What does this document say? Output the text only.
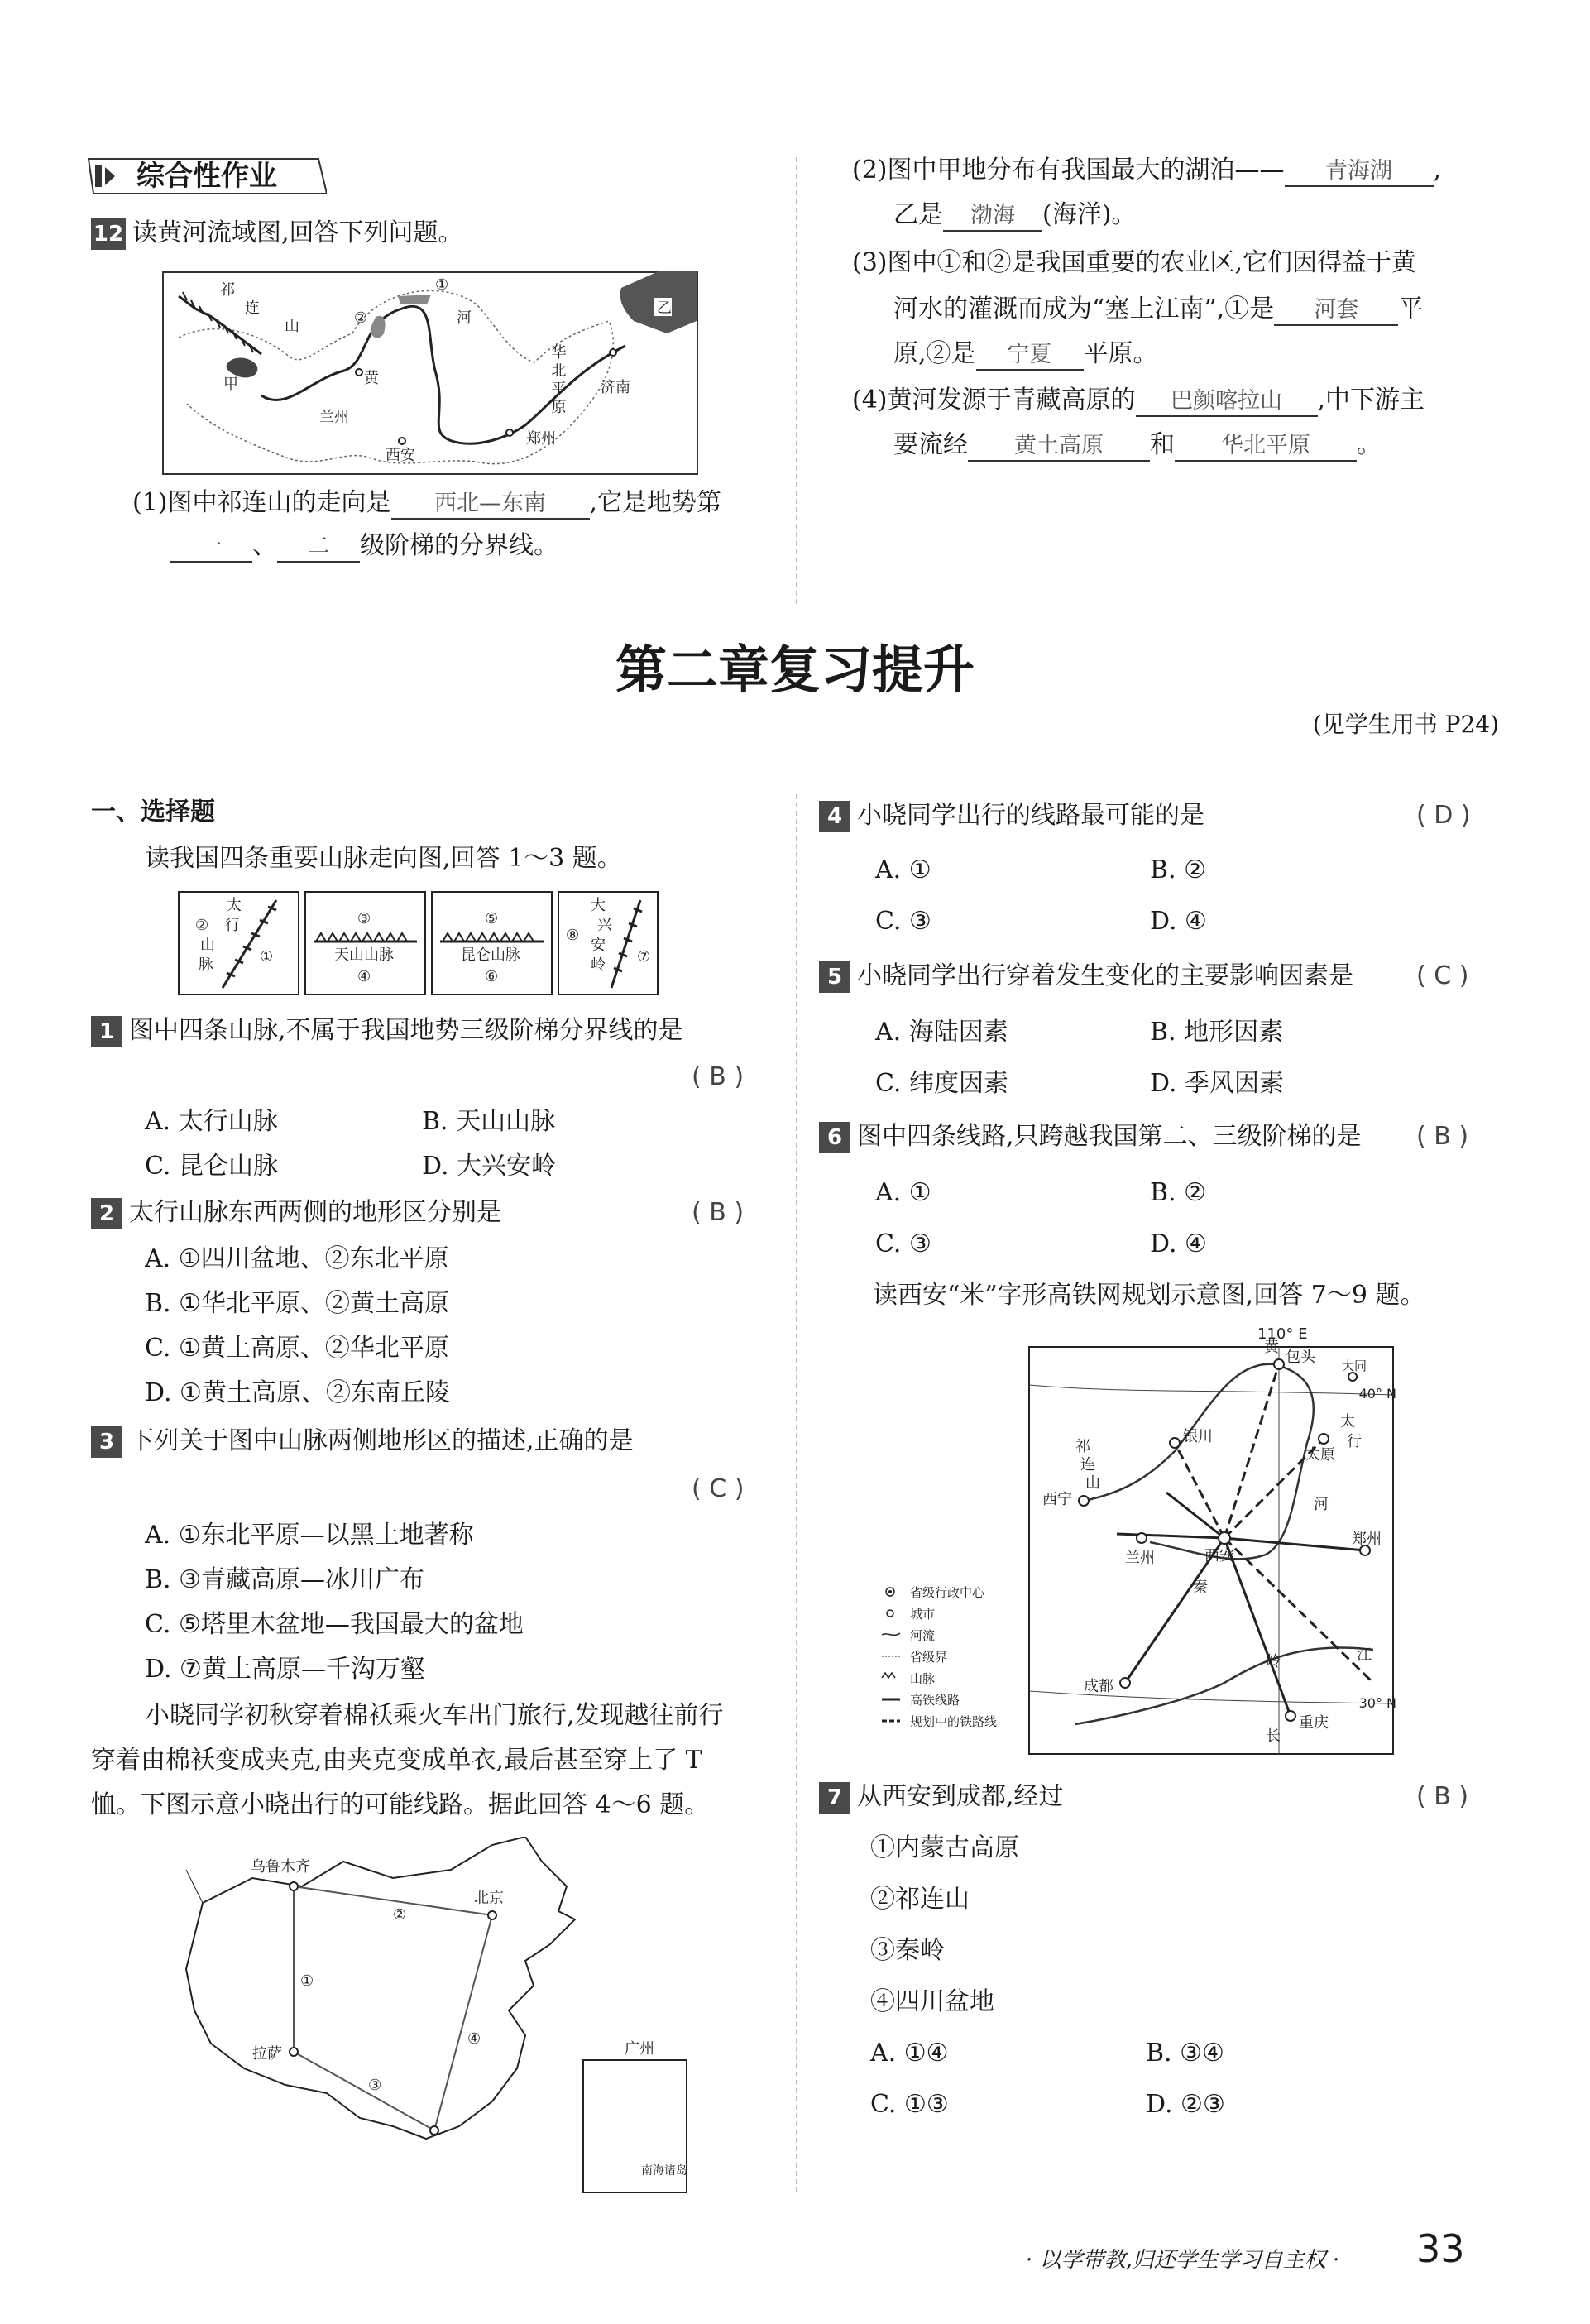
综合性作业
12 读黄河流域图,回答下列问题。
祁
连
山
甲
乙
②
①
河
黄
兰州
西安
郑州
济南
华北平原
(1)图中祁连山的走向是 西北—东南 ,它是地势第
一 、 二 级阶梯的分界线。
(2)图中甲地分布有我国最大的湖泊—— 青海湖 ,
乙是 渤海 (海洋)。
(3)图中①和②是我国重要的农业区,它们因得益于黄
河水的灌溉而成为“塞上江南”,①是 河套 平
原,②是 宁夏 平原。
(4)黄河发源于青藏高原的 巴颜喀拉山 ,中下游主
要流经 黄土高原 和 华北平原 。
第二章复习提升
(见学生用书 P24)
一、选择题
读我国四条重要山脉走向图,回答 1～3 题。
太
行
山
脉
②
①
③
天山山脉
④
⑤
昆仑山脉
⑥
大
兴
安
岭
⑧
⑦
1 图中四条山脉,不属于我国地势三级阶梯分界线的是
( B )
A. 太行山脉	B. 天山山脉
C. 昆仑山脉	D. 大兴安岭
2 太行山脉东西两侧的地形区分别是	( B )
A. ①四川盆地、②东北平原
B. ①华北平原、②黄土高原
C. ①黄土高原、②华北平原
D. ①黄土高原、②东南丘陵
3 下列关于图中山脉两侧地形区的描述,正确的是
( C )
A. ①东北平原—以黑土地著称
B. ③青藏高原—冰川广布
C. ⑤塔里木盆地—我国最大的盆地
D. ⑦黄土高原—千沟万壑
小晓同学初秋穿着棉袄乘火车出门旅行,发现越往前行
穿着由棉袄变成夹克,由夹克变成单衣,最后甚至穿上了 T
恤。下图示意小晓出行的可能线路。据此回答 4～6 题。
乌鲁木齐
北京
拉萨
①
②
③
④
广州
南海诸岛
4 小晓同学出行的线路最可能的是	( D )
A. ①	B. ②
C. ③	D. ④
5 小晓同学出行穿着发生变化的主要影响因素是	( C )
A. 海陆因素	B. 地形因素
C. 纬度因素	D. 季风因素
6 图中四条线路,只跨越我国第二、三级阶梯的是 ( B )
A. ①	B. ②
C. ③	D. ④
读西安“米”字形高铁网规划示意图,回答 7～9 题。
110° E
40° N
30° N
包头 大同
银川
西宁
兰州
太原
西安
郑州
成都
重庆
黄
河
祁
连
山
太
行
秦
岭
长
江
省级行政中心
城市
河流
省级界
山脉
高铁线路
规划中的铁路线
7 从西安到成都,经过	( B )
①内蒙古高原
②祁连山
③秦岭
④四川盆地
A. ①④	B. ③④
C. ①③	D. ②③
· 以学带教,归还学生学习自主权 · 33
